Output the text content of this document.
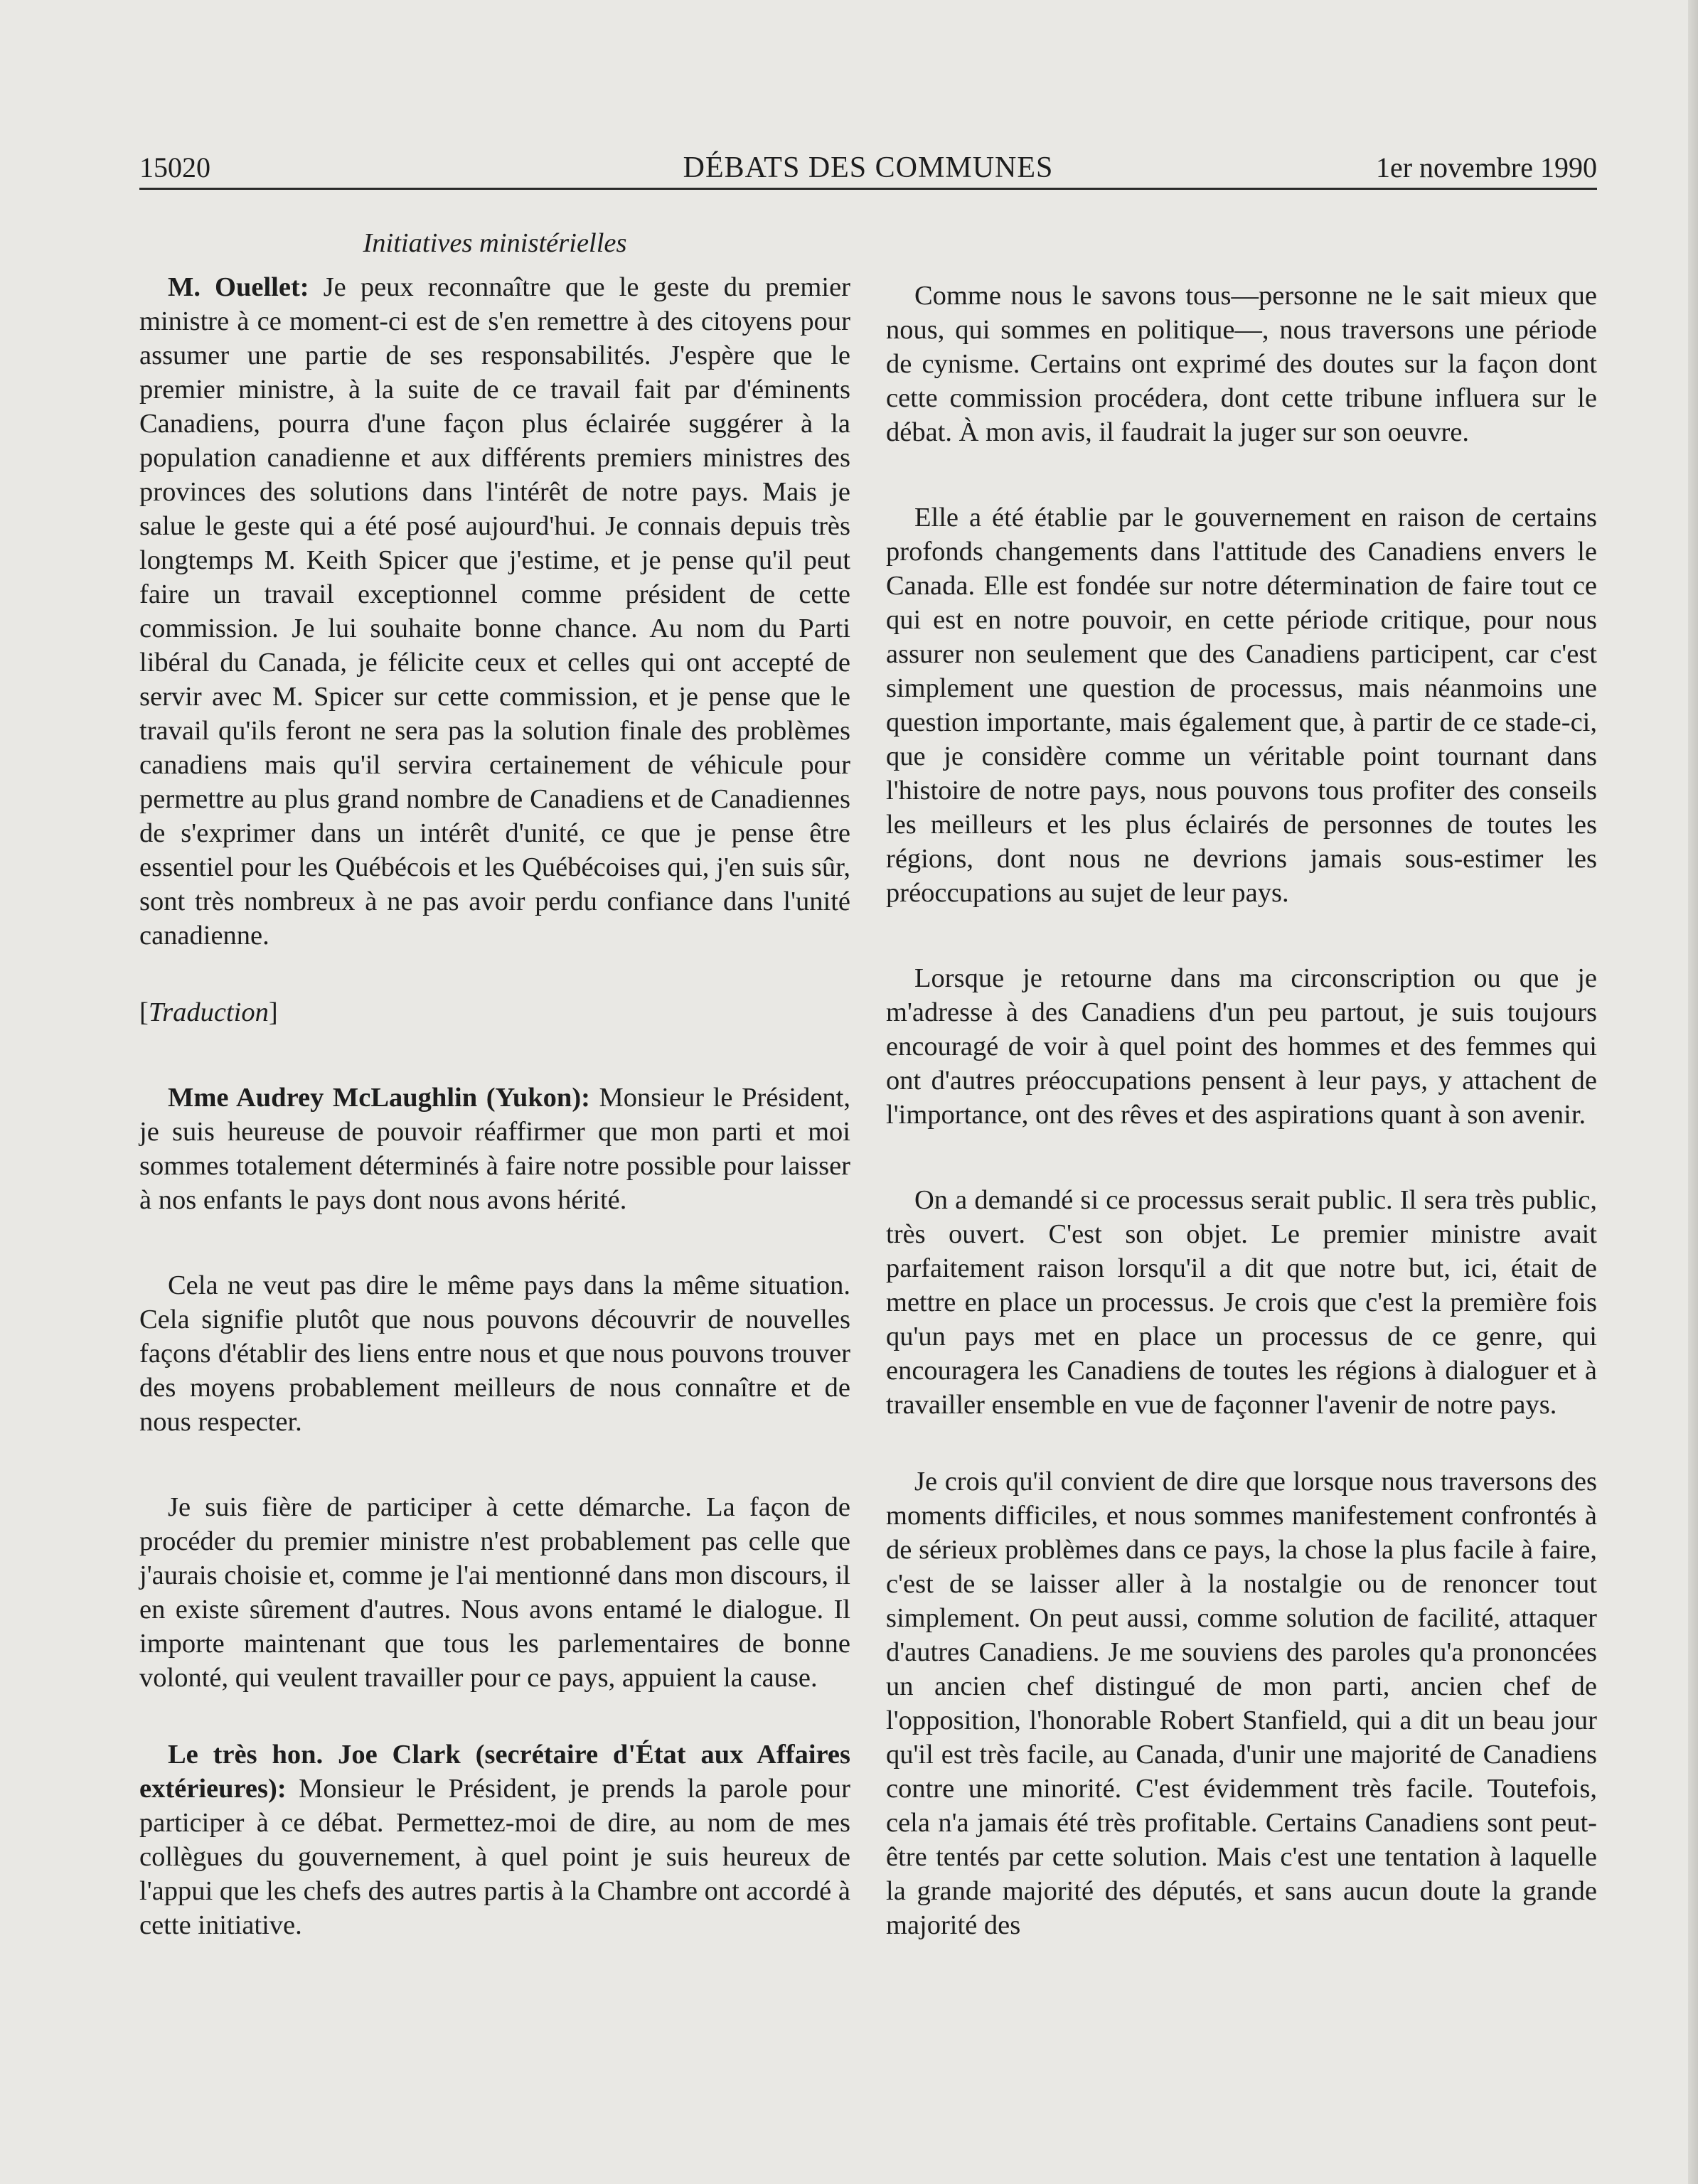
15020	DÉBATS DES COMMUNES	1er novembre 1990
Initiatives ministérielles

M. Ouellet: Je peux reconnaître que le geste du premier ministre à ce moment-ci est de s'en remettre à des citoyens pour assumer une partie de ses responsabilités. J'espère que le premier ministre, à la suite de ce travail fait par d'éminents Canadiens, pourra d'une façon plus éclairée suggérer à la population canadienne et aux différents premiers ministres des provinces des solutions dans l'intérêt de notre pays. Mais je salue le geste qui a été posé aujourd'hui. Je connais depuis très longtemps M. Keith Spicer que j'estime, et je pense qu'il peut faire un travail exceptionnel comme président de cette commission. Je lui souhaite bonne chance. Au nom du Parti libéral du Canada, je félicite ceux et celles qui ont accepté de servir avec M. Spicer sur cette commission, et je pense que le travail qu'ils feront ne sera pas la solution finale des problèmes canadiens mais qu'il servira certainement de véhicule pour permettre au plus grand nombre de Canadiens et de Canadiennes de s'exprimer dans un intérêt d'unité, ce que je pense être essentiel pour les Québécois et les Québécoises qui, j'en suis sûr, sont très nombreux à ne pas avoir perdu confiance dans l'unité canadienne.

[Traduction]

Mme Audrey McLaughlin (Yukon): Monsieur le Président, je suis heureuse de pouvoir réaffirmer que mon parti et moi sommes totalement déterminés à faire notre possible pour laisser à nos enfants le pays dont nous avons hérité.

Cela ne veut pas dire le même pays dans la même situation. Cela signifie plutôt que nous pouvons découvrir de nouvelles façons d'établir des liens entre nous et que nous pouvons trouver des moyens probablement meilleurs de nous connaître et de nous respecter.

Je suis fière de participer à cette démarche. La façon de procéder du premier ministre n'est probablement pas celle que j'aurais choisie et, comme je l'ai mentionné dans mon discours, il en existe sûrement d'autres. Nous avons entamé le dialogue. Il importe maintenant que tous les parlementaires de bonne volonté, qui veulent travailler pour ce pays, appuient la cause.

Le très hon. Joe Clark (secrétaire d'État aux Affaires extérieures): Monsieur le Président, je prends la parole pour participer à ce débat. Permettez-moi de dire, au nom de mes collègues du gouvernement, à quel point je suis heureux de l'appui que les chefs des autres partis à la Chambre ont accordé à cette initiative.

Comme nous le savons tous—personne ne le sait mieux que nous, qui sommes en politique—, nous traversons une période de cynisme. Certains ont exprimé des doutes sur la façon dont cette commission procédera, dont cette tribune influera sur le débat. À mon avis, il faudrait la juger sur son oeuvre.

Elle a été établie par le gouvernement en raison de certains profonds changements dans l'attitude des Canadiens envers le Canada. Elle est fondée sur notre détermination de faire tout ce qui est en notre pouvoir, en cette période critique, pour nous assurer non seulement que des Canadiens participent, car c'est simplement une question de processus, mais néanmoins une question importante, mais également que, à partir de ce stade-ci, que je considère comme un véritable point tournant dans l'histoire de notre pays, nous pouvons tous profiter des conseils les meilleurs et les plus éclairés de personnes de toutes les régions, dont nous ne devrions jamais sous-estimer les préoccupations au sujet de leur pays.

Lorsque je retourne dans ma circonscription ou que je m'adresse à des Canadiens d'un peu partout, je suis toujours encouragé de voir à quel point des hommes et des femmes qui ont d'autres préoccupations pensent à leur pays, y attachent de l'importance, ont des rêves et des aspirations quant à son avenir.

On a demandé si ce processus serait public. Il sera très public, très ouvert. C'est son objet. Le premier ministre avait parfaitement raison lorsqu'il a dit que notre but, ici, était de mettre en place un processus. Je crois que c'est la première fois qu'un pays met en place un processus de ce genre, qui encouragera les Canadiens de toutes les régions à dialoguer et à travailler ensemble en vue de façonner l'avenir de notre pays.

Je crois qu'il convient de dire que lorsque nous traversons des moments difficiles, et nous sommes manifestement confrontés à de sérieux problèmes dans ce pays, la chose la plus facile à faire, c'est de se laisser aller à la nostalgie ou de renoncer tout simplement. On peut aussi, comme solution de facilité, attaquer d'autres Canadiens. Je me souviens des paroles qu'a prononcées un ancien chef distingué de mon parti, ancien chef de l'opposition, l'honorable Robert Stanfield, qui a dit un beau jour qu'il est très facile, au Canada, d'unir une majorité de Canadiens contre une minorité. C'est évidemment très facile. Toutefois, cela n'a jamais été très profitable. Certains Canadiens sont peut-être tentés par cette solution. Mais c'est une tentation à laquelle la grande majorité des députés, et sans aucun doute la grande majorité des
